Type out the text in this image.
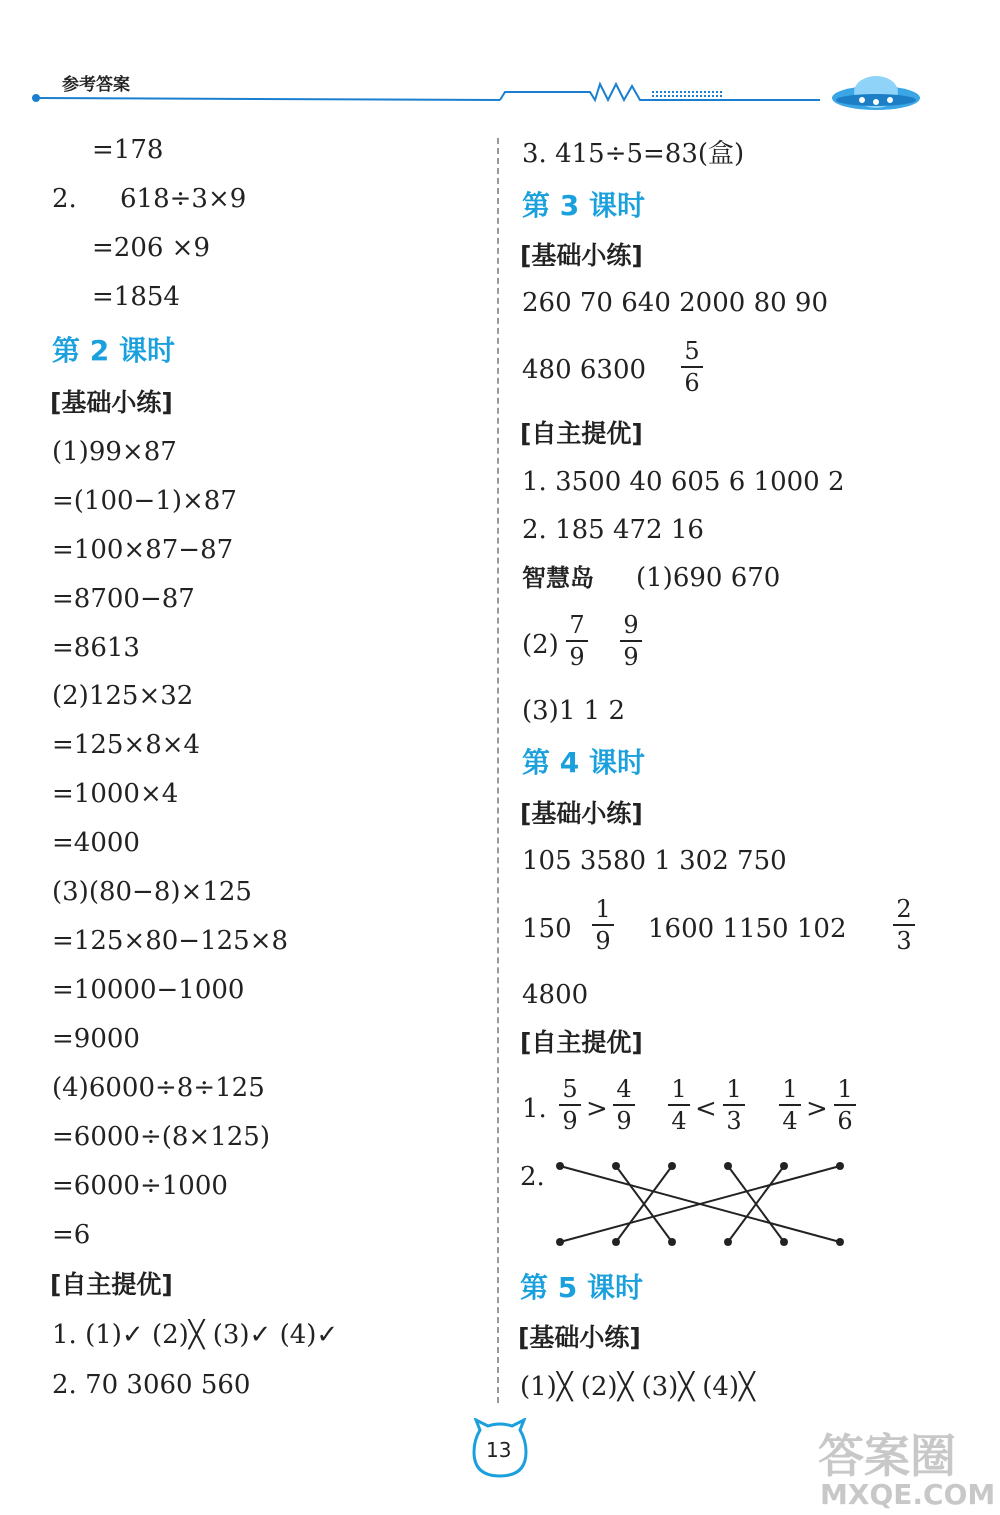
参考答案
=178
2. 618÷3×9
=206 ×9
=1854
第 2 课时
[基础小练]
(1)99×87
=(100−1)×87
=100×87−87
=8700−87
=8613
(2)125×32
=125×8×4
=1000×4
=4000
(3)(80−8)×125
=125×80−125×8
=10000−1000
=9000
(4)6000÷8÷125
=6000÷(8×125)
=6000÷1000
=6
[自主提优]
1. (1)✓ (2)╳ (3)✓ (4)✓
2. 70 3060 560
3. 415÷5=83(盒)
第 3 课时
[基础小练]
260 70 640 2000 80 90
480 6300
5
6
[自主提优]
1. 3500 40 605 6 1000 2
2. 185 472 16
智慧岛 (1)690 670
(2)
7
9
9
9
(3)1 1 2
第 4 课时
[基础小练]
105 3580 1 302 750
150
1
9 1600 1150 102
2
3
4800
[自主提优]
1.
5
9 >
4
9
1
4 <
1
3
1
4 >
1
6
2.
第 5 课时
[基础小练]
(1)╳ (2)╳ (3)╳ (4)╳
13	答案圈
MXQE.COM
